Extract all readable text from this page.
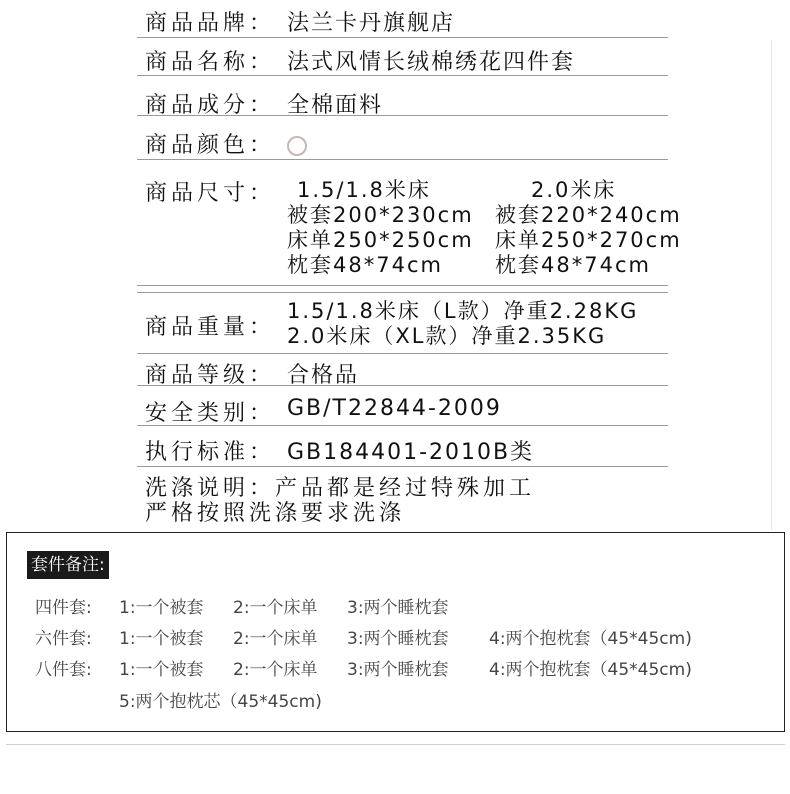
商品品牌： 法兰卡丹旗舰店
商品名称： 法式风情长绒棉绣花四件套
商品成分： 全棉面料
商品颜色：
商品尺寸：	1.5/1.8米床
被套200*230cm
床单250*250cm
枕套48*74cm
2.0米床
被套220*240cm
床单250*270cm
枕套48*74cm
商品重量：
1.5/1.8米床（L款）净重2.28KG
2.0米床（XL款）净重2.35KG
商品等级： 合格品
安全类别： GB/T22844-2009
执行标准： GB184401-2010B类
洗涤说明：产品都是经过特殊加工
严格按照洗涤要求洗涤
套件备注:
四件套: 1:一个被套 2:一个床单 3:两个睡枕套
六件套: 1:一个被套 2:一个床单 3:两个睡枕套 4:两个抱枕套（45*45cm)
八件套: 1:一个被套 2:一个床单 3:两个睡枕套 4:两个抱枕套（45*45cm)
5:两个抱枕芯（45*45cm)
